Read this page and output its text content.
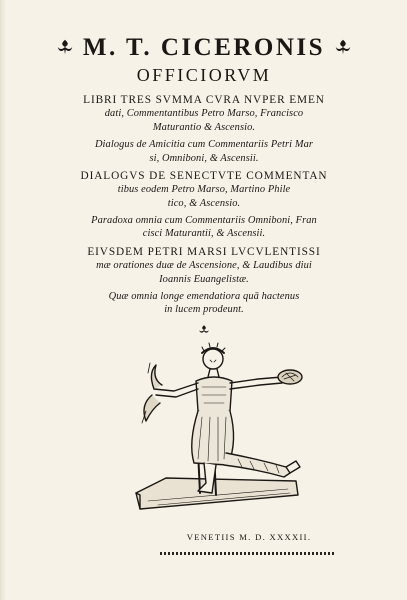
M. T. CICERONIS
OFFICIORVM
LIBRI TRES SVMMA CVRA NVPER EMEN
dati, Commentantibus Petro Marso, Francisco
Maturantio & Ascensio.
Dialogus de Amicitia cum Commentariis Petri Mar
si, Omniboni, & Ascensii.
DIALOGVS DE SENECTVTE COMMENTAN
tibus eodem Petro Marso, Martino Phile
tico, & Ascensio.
Paradoxa omnia cum Commentariis Omniboni, Fran
cisci Maturantii, & Ascensii.
EIVSDEM PETRI MARSI LVCVLENTISSI
mæ orationes duæ de Ascensione, & Laudibus diui
Ioannis Euangelistæ.
Quæ omnia longe emendatiora quā hactenus
in lucem prodeunt.
VENETIIS M. D. XXXXII.
